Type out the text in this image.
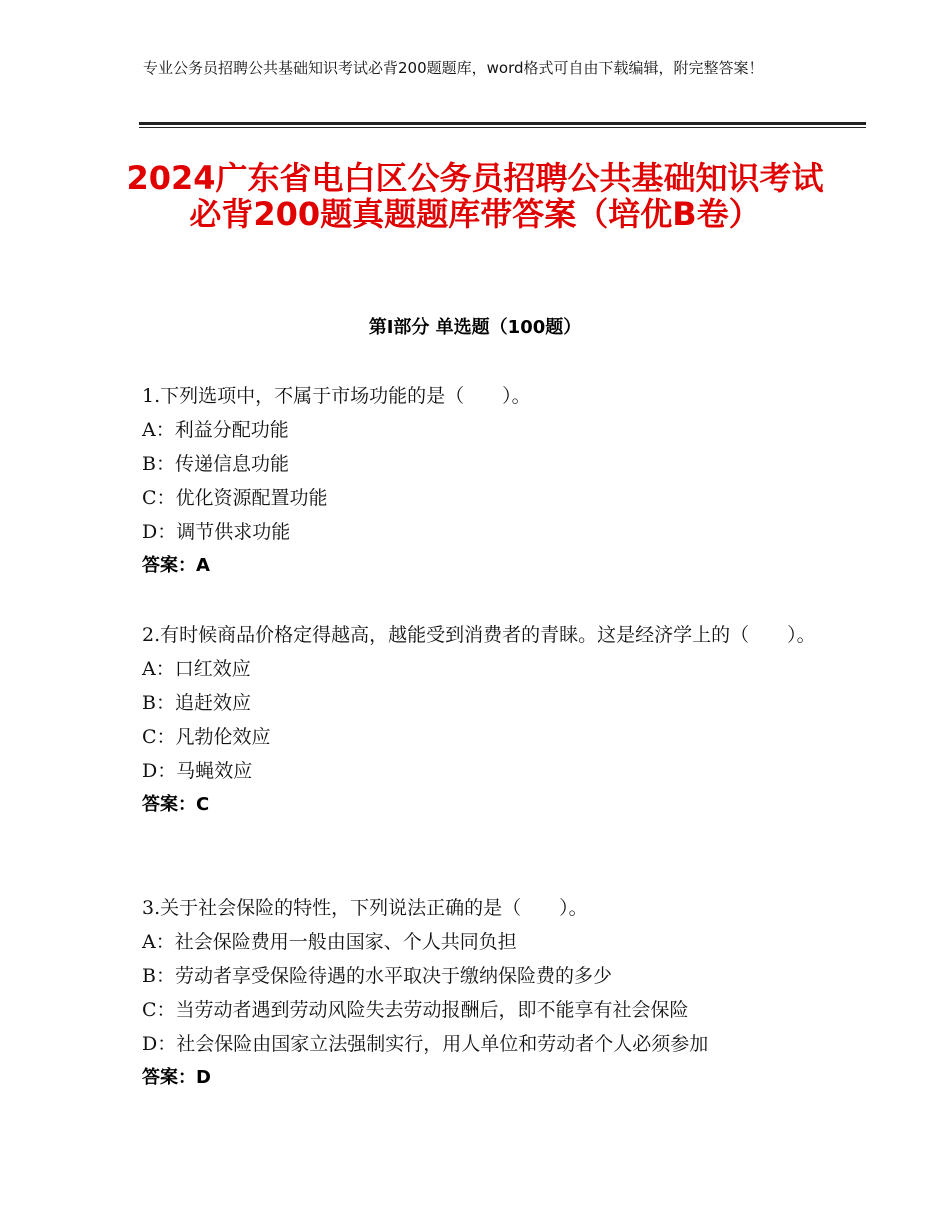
专业公务员招聘公共基础知识考试必背200题题库，word格式可自由下载编辑，附完整答案！
2024广东省电白区公务员招聘公共基础知识考试必背200题真题题库带答案（培优B卷）
第Ⅰ部分 单选题（100题）
1.下列选项中，不属于市场功能的是（　　）。
A：利益分配功能
B：传递信息功能
C：优化资源配置功能
D：调节供求功能
答案：A
2.有时候商品价格定得越高，越能受到消费者的青睐。这是经济学上的（　　）。
A：口红效应
B：追赶效应
C：凡勃伦效应
D：马蝇效应
答案：C
3.关于社会保险的特性，下列说法正确的是（　　）。
A：社会保险费用一般由国家、个人共同负担
B：劳动者享受保险待遇的水平取决于缴纳保险费的多少
C：当劳动者遇到劳动风险失去劳动报酬后，即不能享有社会保险
D：社会保险由国家立法强制实行，用人单位和劳动者个人必须参加
答案：D
